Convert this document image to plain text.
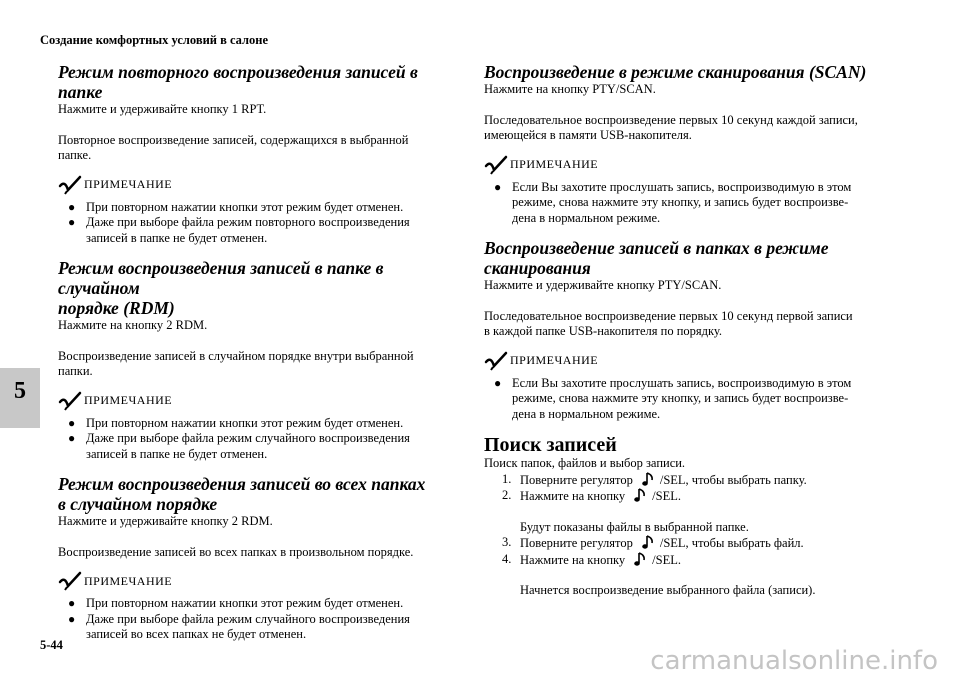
Создание комфортных условий в салоне
5
Режим повторного воспроизведения записей в папке
Нажмите и удерживайте кнопку 1 RPT.
Повторное воспроизведение записей, содержащихся в выбранной
папке.
ПРИМЕЧАНИЕ
● При повторном нажатии кнопки этот режим будет отменен.
● Даже при выборе файла режим повторного воспроизведения
записей в папке не будет отменен.
Режим воспроизведения записей в папке в случайном
порядке (RDM)
Нажмите на кнопку 2 RDM.
Воспроизведение записей в случайном порядке внутри выбранной
папки.
ПРИМЕЧАНИЕ
● При повторном нажатии кнопки этот режим будет отменен.
● Даже при выборе файла режим случайного воспроизведения
записей в папке не будет отменен.
Режим воспроизведения записей во всех папках
в случайном порядке
Нажмите и удерживайте кнопку 2 RDM.
Воспроизведение записей во всех папках в произвольном порядке.
ПРИМЕЧАНИЕ
● При повторном нажатии кнопки этот режим будет отменен.
● Даже при выборе файла режим случайного воспроизведения
записей во всех папках не будет отменен.
Воспроизведение в режиме сканирования (SCAN)
Нажмите на кнопку PTY/SCAN.
Последовательное воспроизведение первых 10 секунд каждой записи,
имеющейся в памяти USB-накопителя.
ПРИМЕЧАНИЕ
● Если Вы захотите прослушать запись, воспроизводимую в этом
режиме, снова нажмите эту кнопку, и запись будет воспроизве-
дена в нормальном режиме.
Воспроизведение записей в папках в режиме
сканирования
Нажмите и удерживайте кнопку PTY/SCAN.
Последовательное воспроизведение первых 10 секунд первой записи
в каждой папке USB-накопителя по порядку.
ПРИМЕЧАНИЕ
● Если Вы захотите прослушать запись, воспроизводимую в этом
режиме, снова нажмите эту кнопку, и запись будет воспроизве-
дена в нормальном режиме.
Поиск записей
Поиск папок, файлов и выбор записи.
1. Поверните регулятор /SEL, чтобы выбрать папку.
2. Нажмите на кнопку /SEL.
Будут показаны файлы в выбранной папке.
3. Поверните регулятор /SEL, чтобы выбрать файл.
4. Нажмите на кнопку /SEL.
Начнется воспроизведение выбранного файла (записи).
5-44
carmanualsonline.info
